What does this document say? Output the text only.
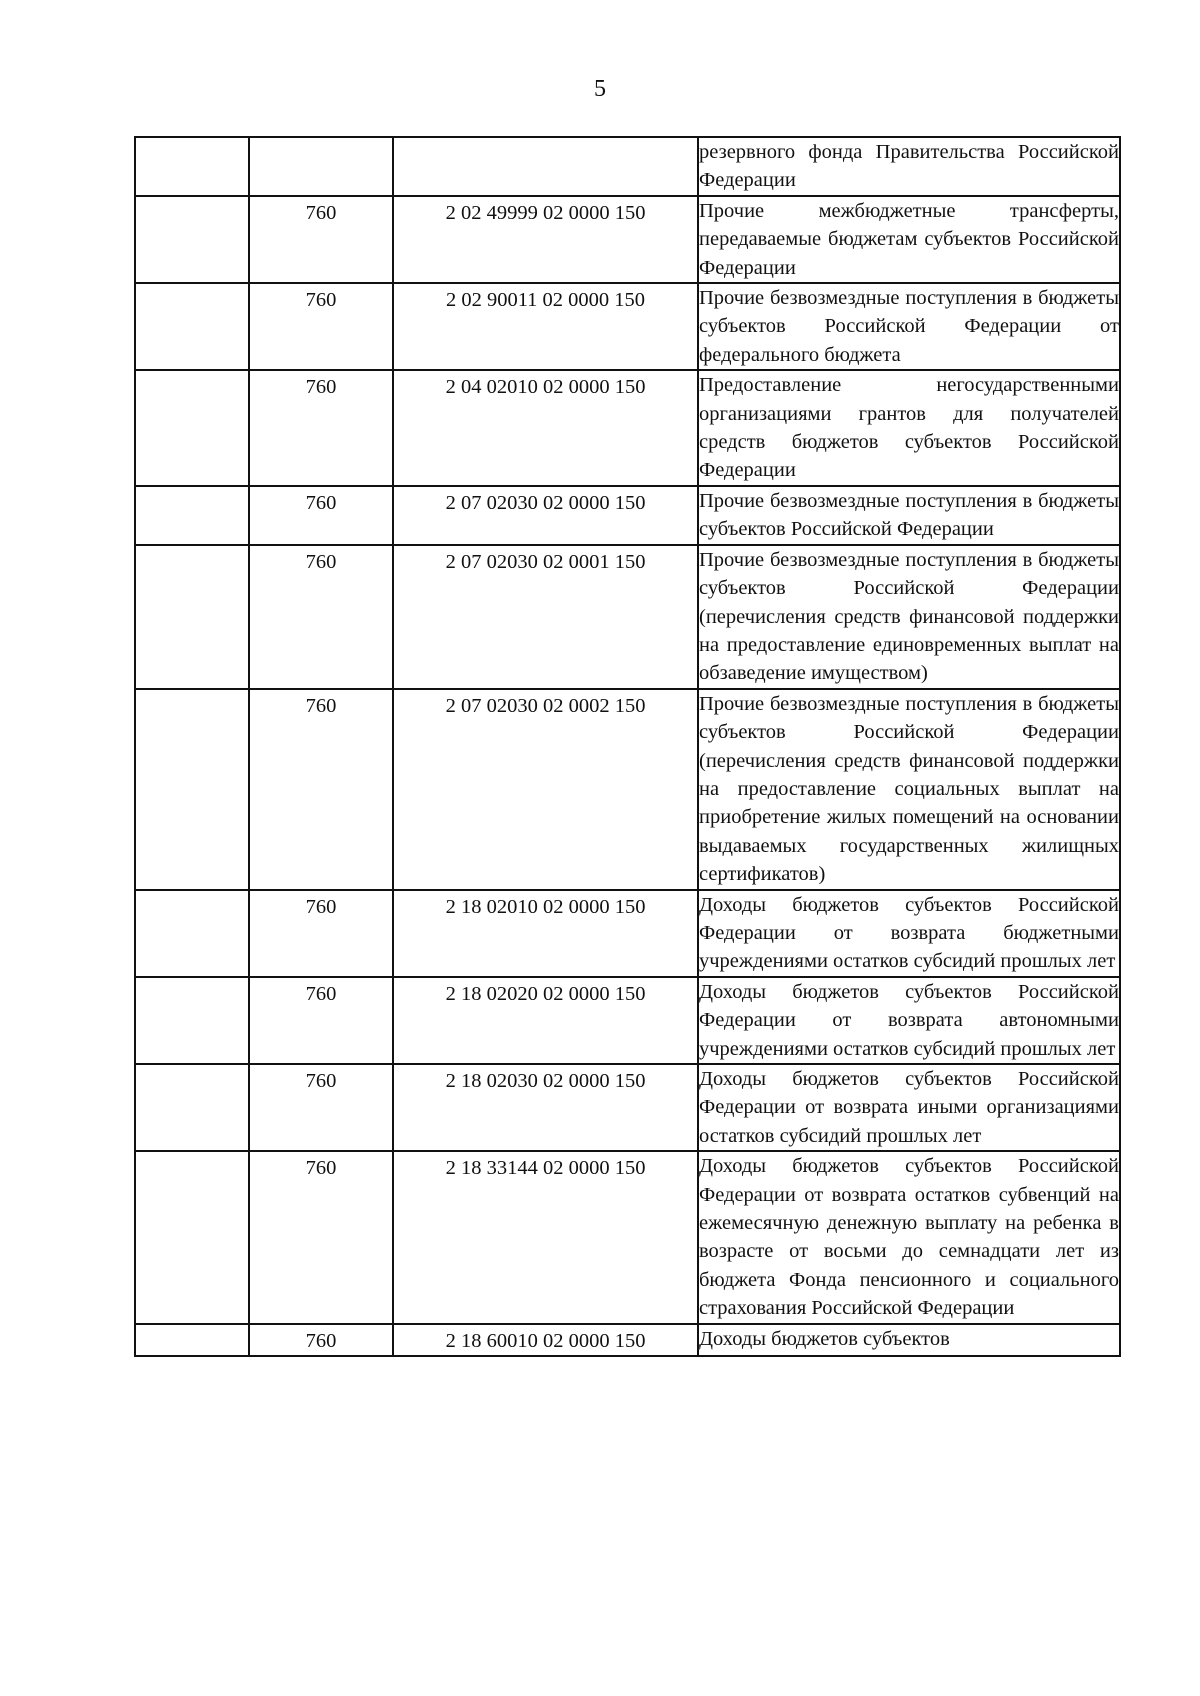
5
			резервного фонда Правительства Российской Федерации
	760	2 02 49999 02 0000 150	Прочие межбюджетные трансферты, передаваемые бюджетам субъектов Российской Федерации
	760	2 02 90011 02 0000 150	Прочие безвозмездные поступления в бюджеты субъектов Российской Федерации от федерального бюджета
	760	2 04 02010 02 0000 150	Предоставление негосударственными организациями грантов для получателей средств бюджетов субъектов Российской Федерации
	760	2 07 02030 02 0000 150	Прочие безвозмездные поступления в бюджеты субъектов Российской Федерации
	760	2 07 02030 02 0001 150	Прочие безвозмездные поступления в бюджеты субъектов Российской Федерации (перечисления средств финансовой поддержки на предоставление единовременных выплат на обзаведение имуществом)
	760	2 07 02030 02 0002 150	Прочие безвозмездные поступления в бюджеты субъектов Российской Федерации (перечисления средств финансовой поддержки на предоставление социальных выплат на приобретение жилых помещений на основании выдаваемых государственных жилищных сертификатов)
	760	2 18 02010 02 0000 150	Доходы бюджетов субъектов Российской Федерации от возврата бюджетными учреждениями остатков субсидий прошлых лет
	760	2 18 02020 02 0000 150	Доходы бюджетов субъектов Российской Федерации от возврата автономными учреждениями остатков субсидий прошлых лет
	760	2 18 02030 02 0000 150	Доходы бюджетов субъектов Российской Федерации от возврата иными организациями остатков субсидий прошлых лет
	760	2 18 33144 02 0000 150	Доходы бюджетов субъектов Российской Федерации от возврата остатков субвенций на ежемесячную денежную выплату на ребенка в возрасте от восьми до семнадцати лет из бюджета Фонда пенсионного и социального страхования Российской Федерации
	760	2 18 60010 02 0000 150	Доходы бюджетов субъектов
